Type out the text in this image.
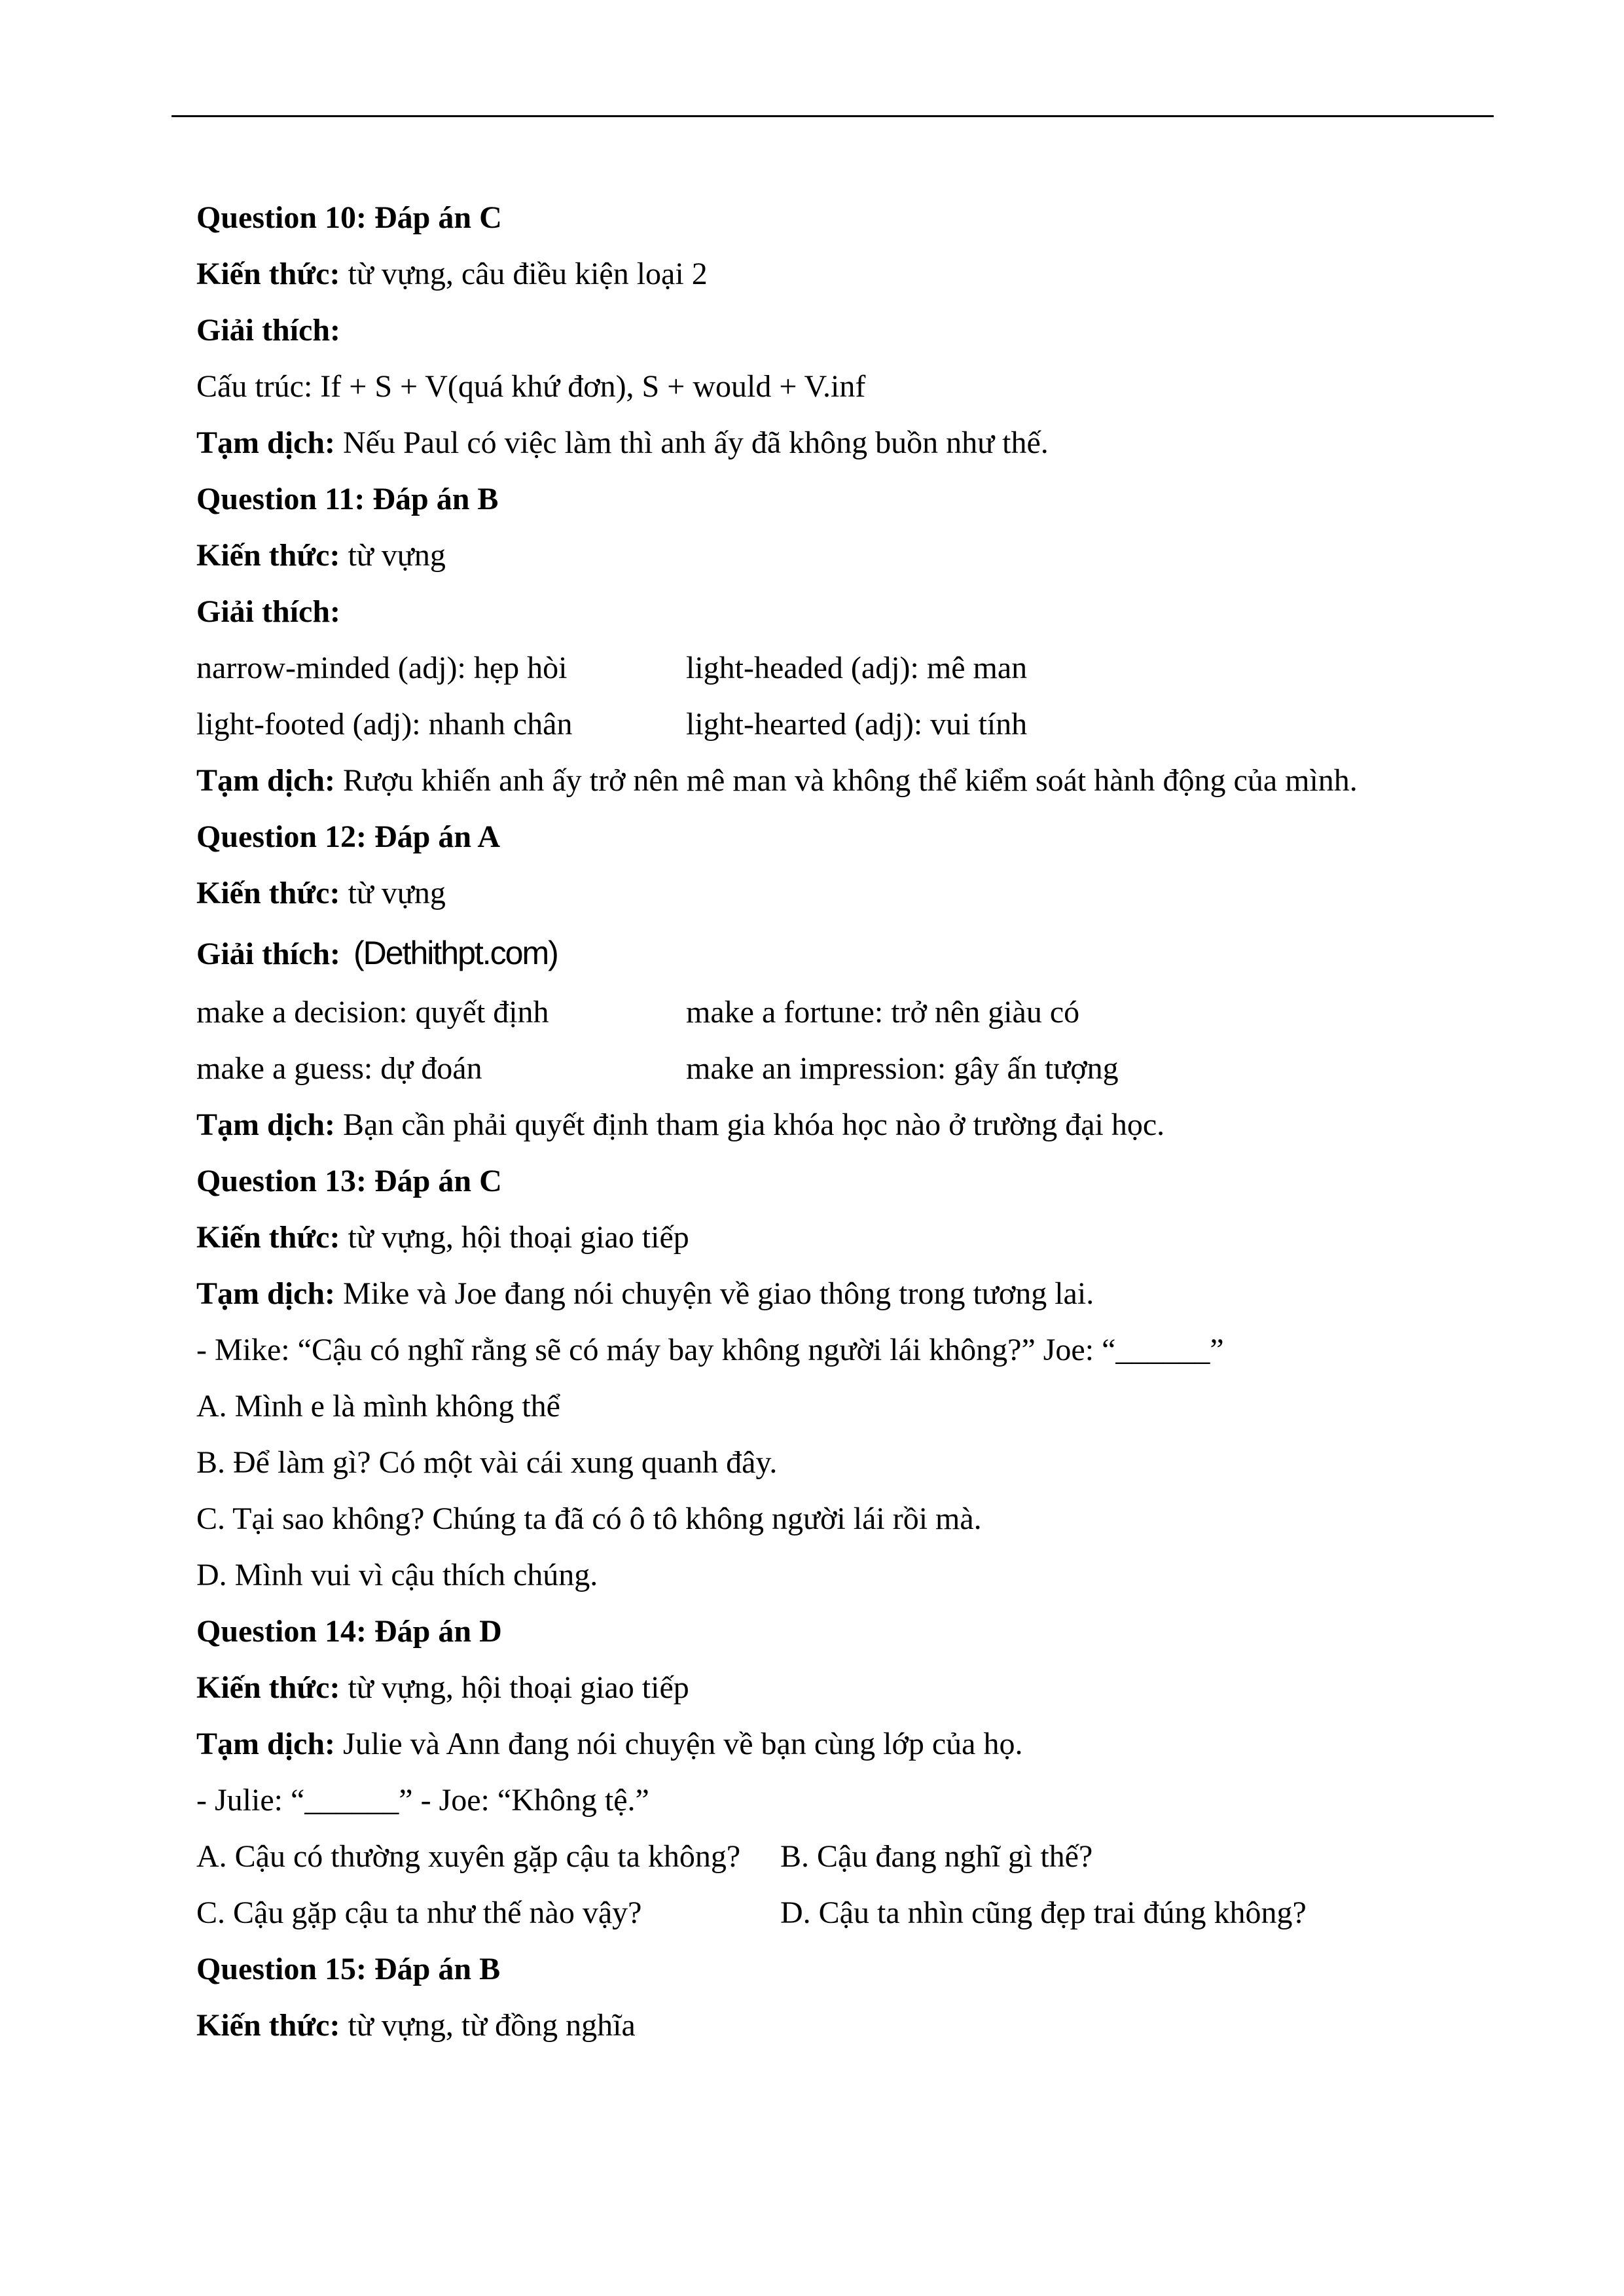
Question 10: Đáp án C
Kiến thức: từ vựng, câu điều kiện loại 2
Giải thích:
Cấu trúc: If + S + V(quá khứ đơn), S + would + V.inf
Tạm dịch: Nếu Paul có việc làm thì anh ấy đã không buồn như thế.
Question 11: Đáp án B
Kiến thức: từ vựng
Giải thích:
narrow-minded (adj): hẹp hòi	light-headed (adj): mê man
light-footed (adj): nhanh chân	light-hearted (adj): vui tính
Tạm dịch: Rượu khiến anh ấy trở nên mê man và không thể kiểm soát hành động của mình.
Question 12: Đáp án A
Kiến thức: từ vựng
Giải thích: (Dethithpt.com)
make a decision: quyết định	make a fortune: trở nên giàu có
make a guess: dự đoán	make an impression: gây ấn tượng
Tạm dịch: Bạn cần phải quyết định tham gia khóa học nào ở trường đại học.
Question 13: Đáp án C
Kiến thức: từ vựng, hội thoại giao tiếp
Tạm dịch: Mike và Joe đang nói chuyện về giao thông trong tương lai.
- Mike: “Cậu có nghĩ rằng sẽ có máy bay không người lái không?” Joe: “______”
A. Mình e là mình không thể
B. Để làm gì? Có một vài cái xung quanh đây.
C. Tại sao không? Chúng ta đã có ô tô không người lái rồi mà.
D. Mình vui vì cậu thích chúng.
Question 14: Đáp án D
Kiến thức: từ vựng, hội thoại giao tiếp
Tạm dịch: Julie và Ann đang nói chuyện về bạn cùng lớp của họ.
- Julie: “______” - Joe: “Không tệ.”
A. Cậu có thường xuyên gặp cậu ta không? B. Cậu đang nghĩ gì thế?
C. Cậu gặp cậu ta như thế nào vậy?	D. Cậu ta nhìn cũng đẹp trai đúng không?
Question 15: Đáp án B
Kiến thức: từ vựng, từ đồng nghĩa
